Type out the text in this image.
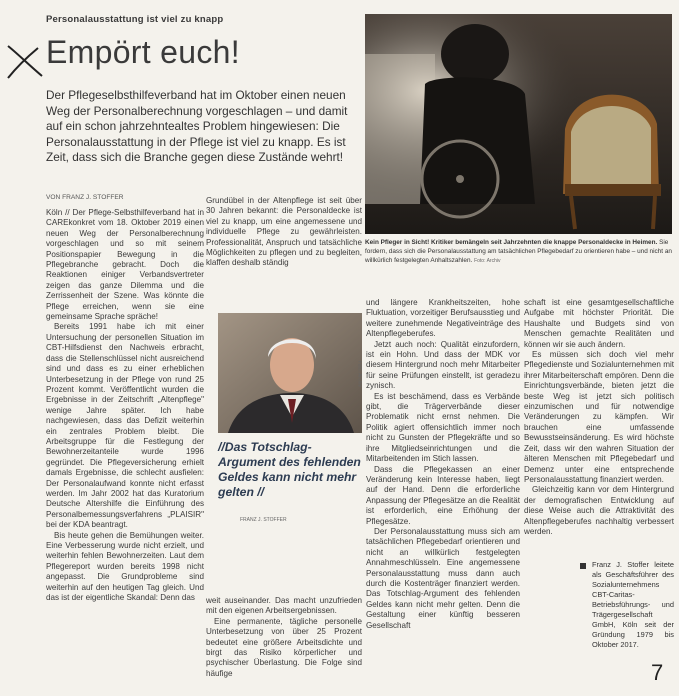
Personalausstattung ist viel zu knapp
Empört euch!
Der Pflegeselbsthilfeverband hat im Oktober einen neuen Weg der Personalberechnung vorgeschlagen – und damit auf ein schon jahrzehntealtes Problem hingewiesen: Die Personalausstattung in der Pflege ist viel zu knapp. Es ist Zeit, dass sich die Branche gegen diese Zustände wehrt!
VON FRANZ J. STOFFER

Köln // Der Pflege-Selbsthilfeverband hat in CAREkonkret vom 18. Oktober 2019 einen neuen Weg der Personalberechnung vorgeschlagen und so mit seinem Positionspapier Bewegung in die Pflegebranche gebracht. Doch die Reaktionen einiger Verbandsvertreter zeigen das ganze Dilemma und die Zerrissenheit der Szene. Was könnte die Pflege erreichen, wenn sie eine gemeinsame Sprache spräche!

Bereits 1991 habe ich mit einer Untersuchung der personellen Situation im CBT-Hilfsdienst den Nachweis erbracht, dass die Stellenschlüssel nicht ausreichend sind und dass es zu einer erheblichen Unterbesetzung in der Pflege von rund 25 Prozent kommt. Veröffentlicht wurden die Ergebnisse in der Zeitschrift „Altenpflege" wenige Jahre später. Ich habe nachgewiesen, dass das Defizit weiterhin ein zentrales Problem bleibt. Die Arbeitsgruppe für die Festlegung der Bewohnerzeitanteile wurde 1996 gegründet. Die Pflegeversicherung erhielt damals Ergebnisse, die schlecht ausfielen: Der Personalaufwand konnte nicht erfasst werden. Im Jahr 2002 hat das Kuratorium Deutsche Altershilfe die Einführung des Personalbemessungsverfahrens „PLAISIR" bei der KDA beantragt.

Bis heute gehen die Bemühungen weiter. Eine Verbesserung wurde nicht erzielt, und weiterhin fehlen Bewohnerzeiten. Laut dem Pflegereport wurden bereits 1998 nicht angepasst. Die Grundprobleme sind weiterhin auf den heutigen Tag gleich. Und das ist der eigentliche Skandal: Denn das

Grundübel in der Altenpflege ist seit über 30 Jahren bekannt: die Personaldecke ist viel zu knapp, um eine angemessene und individuelle Pflege zu gewährleisten. Professionalität, Anspruch und tatsächliche Möglichkeiten zu pflegen und zu begleiten, klaffen deshalb ständig

Foto: Archiv
//Das Totschlag-Argument des fehlenden Geldes kann nicht mehr gelten //
FRANZ J. STOFFER

weit auseinander. Das macht unzufrieden mit den eigenen Arbeitsergebnissen.

Eine permanente, tägliche personelle Unterbesetzung von über 25 Prozent bedeutet eine größere Arbeitsdichte und birgt das Risiko körperlicher und psychischer Überlastung. Die Folge sind häufige

Kein Pfleger in Sicht! Kritiker bemängeln seit Jahrzehnten die knappe Personaldecke in Heimen. Sie fordern, dass sich die Personalausstattung am tatsächlichen Pflegebedarf zu orientieren habe – und nicht an willkürlich festgelegten Anhaltszahlen. Foto: Archiv

und längere Krankheitszeiten, hohe Fluktuation, vorzeitiger Berufsausstieg und weitere zunehmende Negativeinträge des Altenpflegeberufes.

Jetzt auch noch: Qualität einzufordern, ist ein Hohn. Und dass der MDK vor diesem Hintergrund noch mehr Mitarbeiter für seine Prüfungen einstellt, ist geradezu zynisch.

Es ist beschämend, dass es Verbände gibt, die Trägerverbände dieser Problematik nicht ernst nehmen. Die Politik agiert offensichtlich immer noch nicht zu Gunsten der Pflegekräfte und so ihre Mitgliedseinrichtungen und die Mitarbeitenden im Stich lassen.

Dass die Pflegekassen an einer Veränderung kein Interesse haben, liegt auf der Hand. Denn die erforderliche Anpassung der Pflegesätze an die Realität ist erforderlich, eine Erhöhung der Pflegesätze.

Der Personalausstattung muss sich am tatsächlichen Pflegebedarf orientieren und nicht an willkürlich festgelegten Annahmeschlüsseln. Eine angemessene Personalausstattung muss dann auch durch die Kostenträger finanziert werden. Das Totschlag-Argument des fehlenden Geldes kann nicht mehr gelten. Denn die Gestaltung einer künftig besseren Gesellschaft

schaft ist eine gesamtgesellschaftliche Aufgabe mit höchster Priorität. Die Haushalte und Budgets sind von Menschen gemachte Realitäten und können wir sie auch ändern.

Es müssen sich doch viel mehr Pflegedienste und Sozialunternehmen mit ihrer Mitarbeiterschaft empören. Denn die Einrichtungsverbände, bieten jetzt die beste Weg ist jetzt sich politisch einzumischen und für notwendige Veränderungen zu kämpfen. Wir brauchen eine umfassende Bewusstseinsänderung. Es wird höchste Zeit, dass wir den wahren Situation der älteren Menschen mit Pflegebedarf und Demenz unter eine entsprechende Personalausstattung finanziert werden.

Gleichzeitig kann vor dem Hintergrund der demografischen Entwicklung auf diese Weise auch die Attraktivität des Altenpflegeberufes nachhaltig verbessert werden.

Franz J. Stoffer leitete als Geschäftsführer des Sozialunternehmens CBT-Caritas-Betriebsführungs- und Trägergesellschaft GmbH, Köln seit der Gründung 1979 bis Oktober 2017.
7
